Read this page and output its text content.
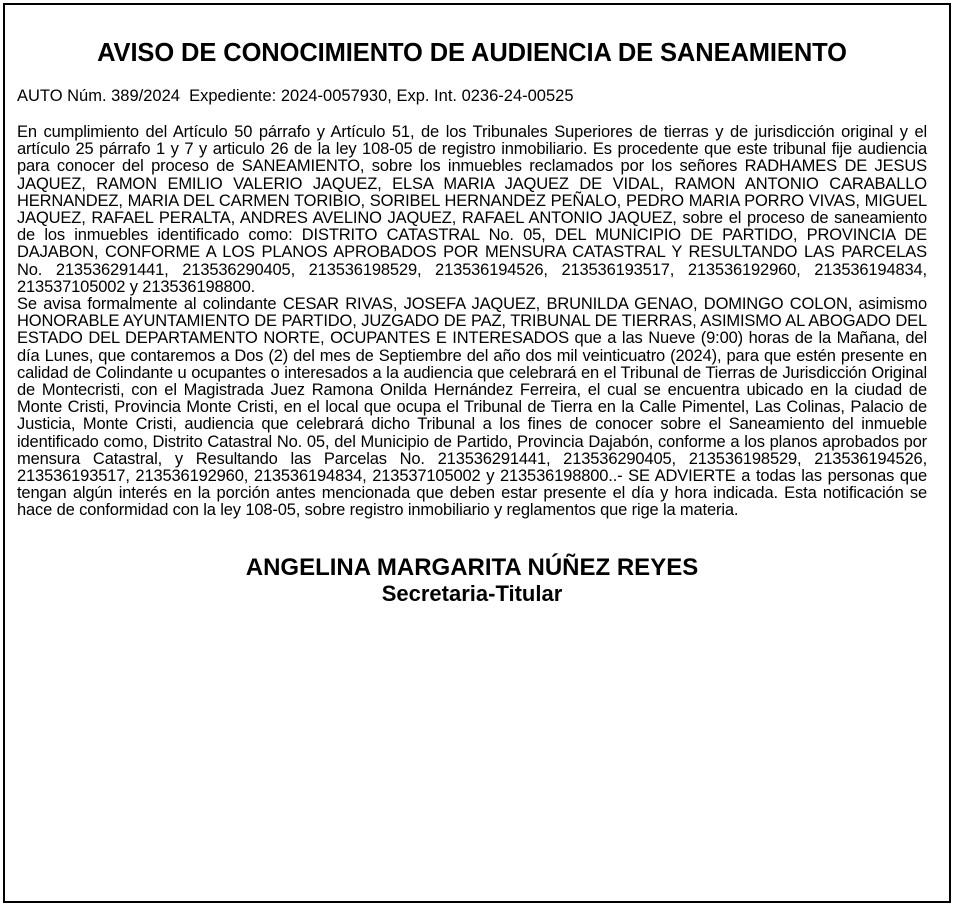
AVISO DE CONOCIMIENTO DE AUDIENCIA DE SANEAMIENTO
AUTO Núm. 389/2024  Expediente: 2024-0057930, Exp. Int. 0236-24-00525

En cumplimiento del Artículo 50 párrafo y Artículo 51, de los Tribunales Superiores de tierras y de jurisdicción original y el artículo 25 párrafo 1 y 7 y articulo 26 de la ley 108-05 de registro inmobiliario. Es procedente que este tribunal fije audiencia para conocer del proceso de SANEAMIENTO, sobre los inmuebles reclamados por los señores RADHAMES DE JESUS JAQUEZ, RAMON EMILIO VALERIO JAQUEZ, ELSA MARIA JAQUEZ DE VIDAL, RAMON ANTONIO CARABALLO HERNANDEZ, MARIA DEL CARMEN TORIBIO, SORIBEL HERNANDEZ PEÑALO, PEDRO MARIA PORRO VIVAS, MIGUEL JAQUEZ, RAFAEL PERALTA, ANDRES AVELINO JAQUEZ, RAFAEL ANTONIO JAQUEZ, sobre el proceso de saneamiento de los inmuebles identificado como: DISTRITO CATASTRAL No. 05, DEL MUNICIPIO DE PARTIDO, PROVINCIA DE DAJABON, CONFORME A LOS PLANOS APROBADOS POR MENSURA CATASTRAL Y RESULTANDO LAS PARCELAS No. 213536291441, 213536290405, 213536198529, 213536194526, 213536193517, 213536192960, 213536194834, 213537105002 y 213536198800.

Se avisa formalmente al colindante CESAR RIVAS, JOSEFA JAQUEZ, BRUNILDA GENAO, DOMINGO COLON, asimismo HONORABLE AYUNTAMIENTO DE PARTIDO, JUZGADO DE PAZ, TRIBUNAL DE TIERRAS, ASIMISMO AL ABOGADO DEL ESTADO DEL DEPARTAMENTO NORTE, OCUPANTES E INTERESADOS que a las Nueve (9:00) horas de la Mañana, del día Lunes, que contaremos a Dos (2) del mes de Septiembre del año dos mil veinticuatro (2024), para que estén presente en calidad de Colindante u ocupantes o interesados a la audiencia que celebrará en el Tribunal de Tierras de Jurisdicción Original de Montecristi, con el Magistrada Juez Ramona Onilda Hernández Ferreira, el cual se encuentra ubicado en la ciudad de Monte Cristi, Provincia Monte Cristi, en el local que ocupa el Tribunal de Tierra en la Calle Pimentel, Las Colinas, Palacio de Justicia, Monte Cristi, audiencia que celebrará dicho Tribunal a los fines de conocer sobre el Saneamiento del inmueble identificado como, Distrito Catastral No. 05, del Municipio de Partido, Provincia Dajabón, conforme a los planos aprobados por mensura Catastral, y Resultando las Parcelas No. 213536291441, 213536290405, 213536198529, 213536194526, 213536193517, 213536192960, 213536194834, 213537105002 y 213536198800..- SE ADVIERTE a todas las personas que tengan algún interés en la porción antes mencionada que deben estar presente el día y hora indicada. Esta notificación se hace de conformidad con la ley 108-05, sobre registro inmobiliario y reglamentos que rige la materia.

ANGELINA MARGARITA NÚÑEZ REYES
Secretaria-Titular
